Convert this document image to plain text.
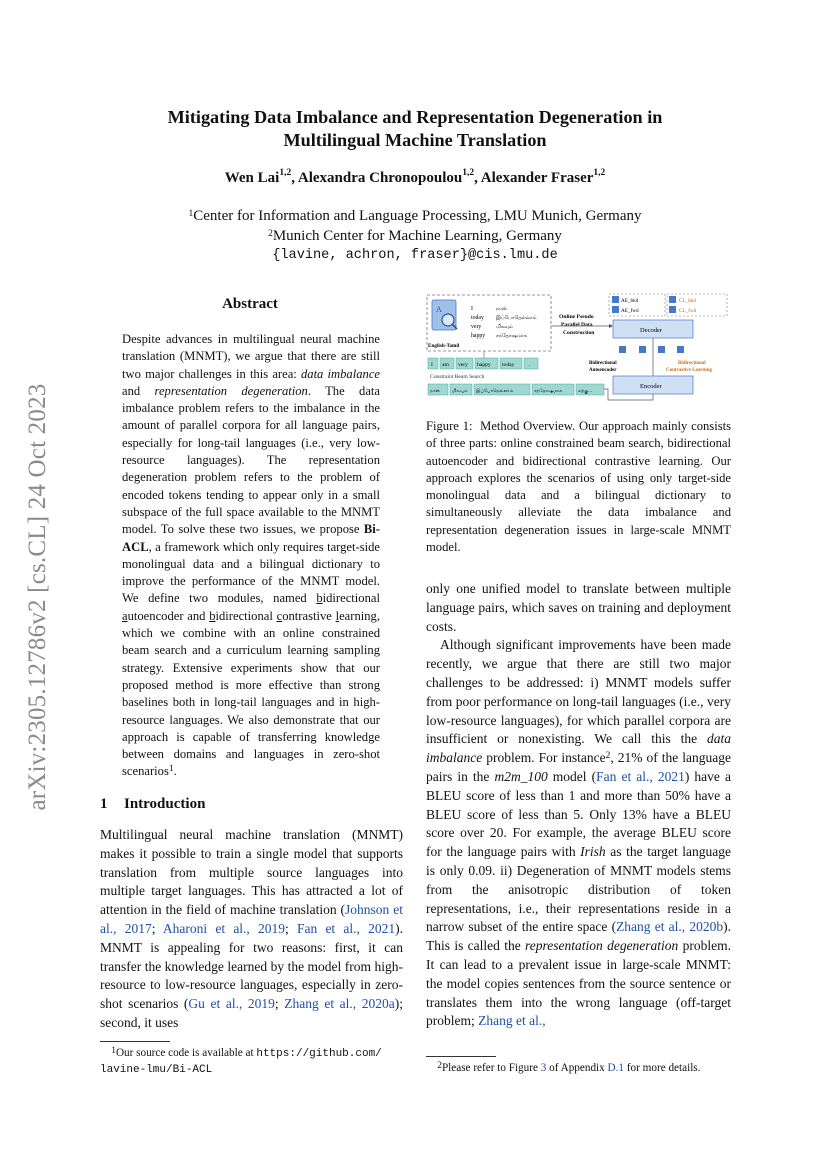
arXiv:2305.12786v2 [cs.CL] 24 Oct 2023
Mitigating Data Imbalance and Representation Degeneration in
Multilingual Machine Translation
Wen Lai$^{1,2}$, Alexandra Chronopoulou$^{1,2}$, Alexander Fraser$^{1,2}$
$^1$Center for Information and Language Processing, LMU Munich, Germany
$^2$Munich Center for Machine Learning, Germany
{lavine, achron, fraser}@cis.lmu.de
Abstract
Despite advances in multilingual neural machine translation (MNMT), we argue that there are still two major challenges in this area: data imbalance and representation degeneration. The data imbalance problem refers to the imbalance in the amount of parallel corpora for all language pairs, especially for long-tail languages (i.e., very low-resource languages). The representation degeneration problem refers to the problem of encoded tokens tending to appear only in a small subspace of the full space available to the MNMT model. To solve these two issues, we propose Bi-ACL, a framework which only requires target-side monolingual data and a bilingual dictionary to improve the performance of the MNMT model. We define two modules, named bidirectional autoencoder and bidirectional contrastive learning, which we combine with an online constrained beam search and a curriculum learning sampling strategy. Extensive experiments show that our proposed method is more effective than strong baselines both in long-tail languages and in high-resource languages. We also demonstrate that our approach is capable of transferring knowledge between domains and languages in zero-shot scenarios$^1$.
1 Introduction

Multilingual neural machine translation (MNMT) makes it possible to train a single model that supports translation from multiple source languages into multiple target languages. This has attracted a lot of attention in the field of machine translation (Johnson et al., 2017; Aharoni et al., 2019; Fan et al., 2021). MNMT is appealing for two reasons: first, it can transfer the knowledge learned by the model from high-resource to low-resource languages, especially in zero-shot scenarios (Gu et al., 2019; Zhang et al., 2020a); second, it uses

$^1$Our source code is available at https://github.com/
lavine-lmu/Bi-ACL
A
English-Tamil
I
today
very
happy
நான்
இப்போதெல்லாம்
மிகவும்
சந்தோஷமாக
I am very happy today	.
Constraint Beam Search
நான்	மிகவும் இப்போதெல்லாம்	சந்தோஷமாக	கற்கு...
Online Pseudo
Parallel Data
Construction
AE_bkd
AE_fwd
CL_bkd
CL_fwd
Decoder
Bidirectional
Autoencoder
Bidirectional
Contrastive Learning
Encoder
Figure 1: Method Overview. Our approach mainly consists of three parts: online constrained beam search, bidirectional autoencoder and bidirectional contrastive learning. Our approach explores the scenarios of using only target-side monolingual data and a bilingual dictionary to simultaneously alleviate the data imbalance and representation degeneration issues in large-scale MNMT model.

only one unified model to translate between multiple language pairs, which saves on training and deployment costs.

Although significant improvements have been made recently, we argue that there are still two major challenges to be addressed: i) MNMT models suffer from poor performance on long-tail languages (i.e., very low-resource languages), for which parallel corpora are insufficient or nonexisting. We call this the data imbalance problem. For instance$^2$, 21% of the language pairs in the m2m_100 model (Fan et al., 2021) have a BLEU score of less than 1 and more than 50% have a BLEU score of less than 5. Only 13% have a BLEU score over 20. For example, the average BLEU score for the language pairs with Irish as the target language is only 0.09. ii) Degeneration of MNMT models stems from the anisotropic distribution of token representations, i.e., their representations reside in a narrow subset of the entire space (Zhang et al., 2020b). This is called the representation degeneration problem. It can lead to a prevalent issue in large-scale MNMT: the model copies sentences from the source sentence or translates them into the wrong language (off-target problem; Zhang et al.,

$^2$Please refer to Figure 3 of Appendix D.1 for more details.
